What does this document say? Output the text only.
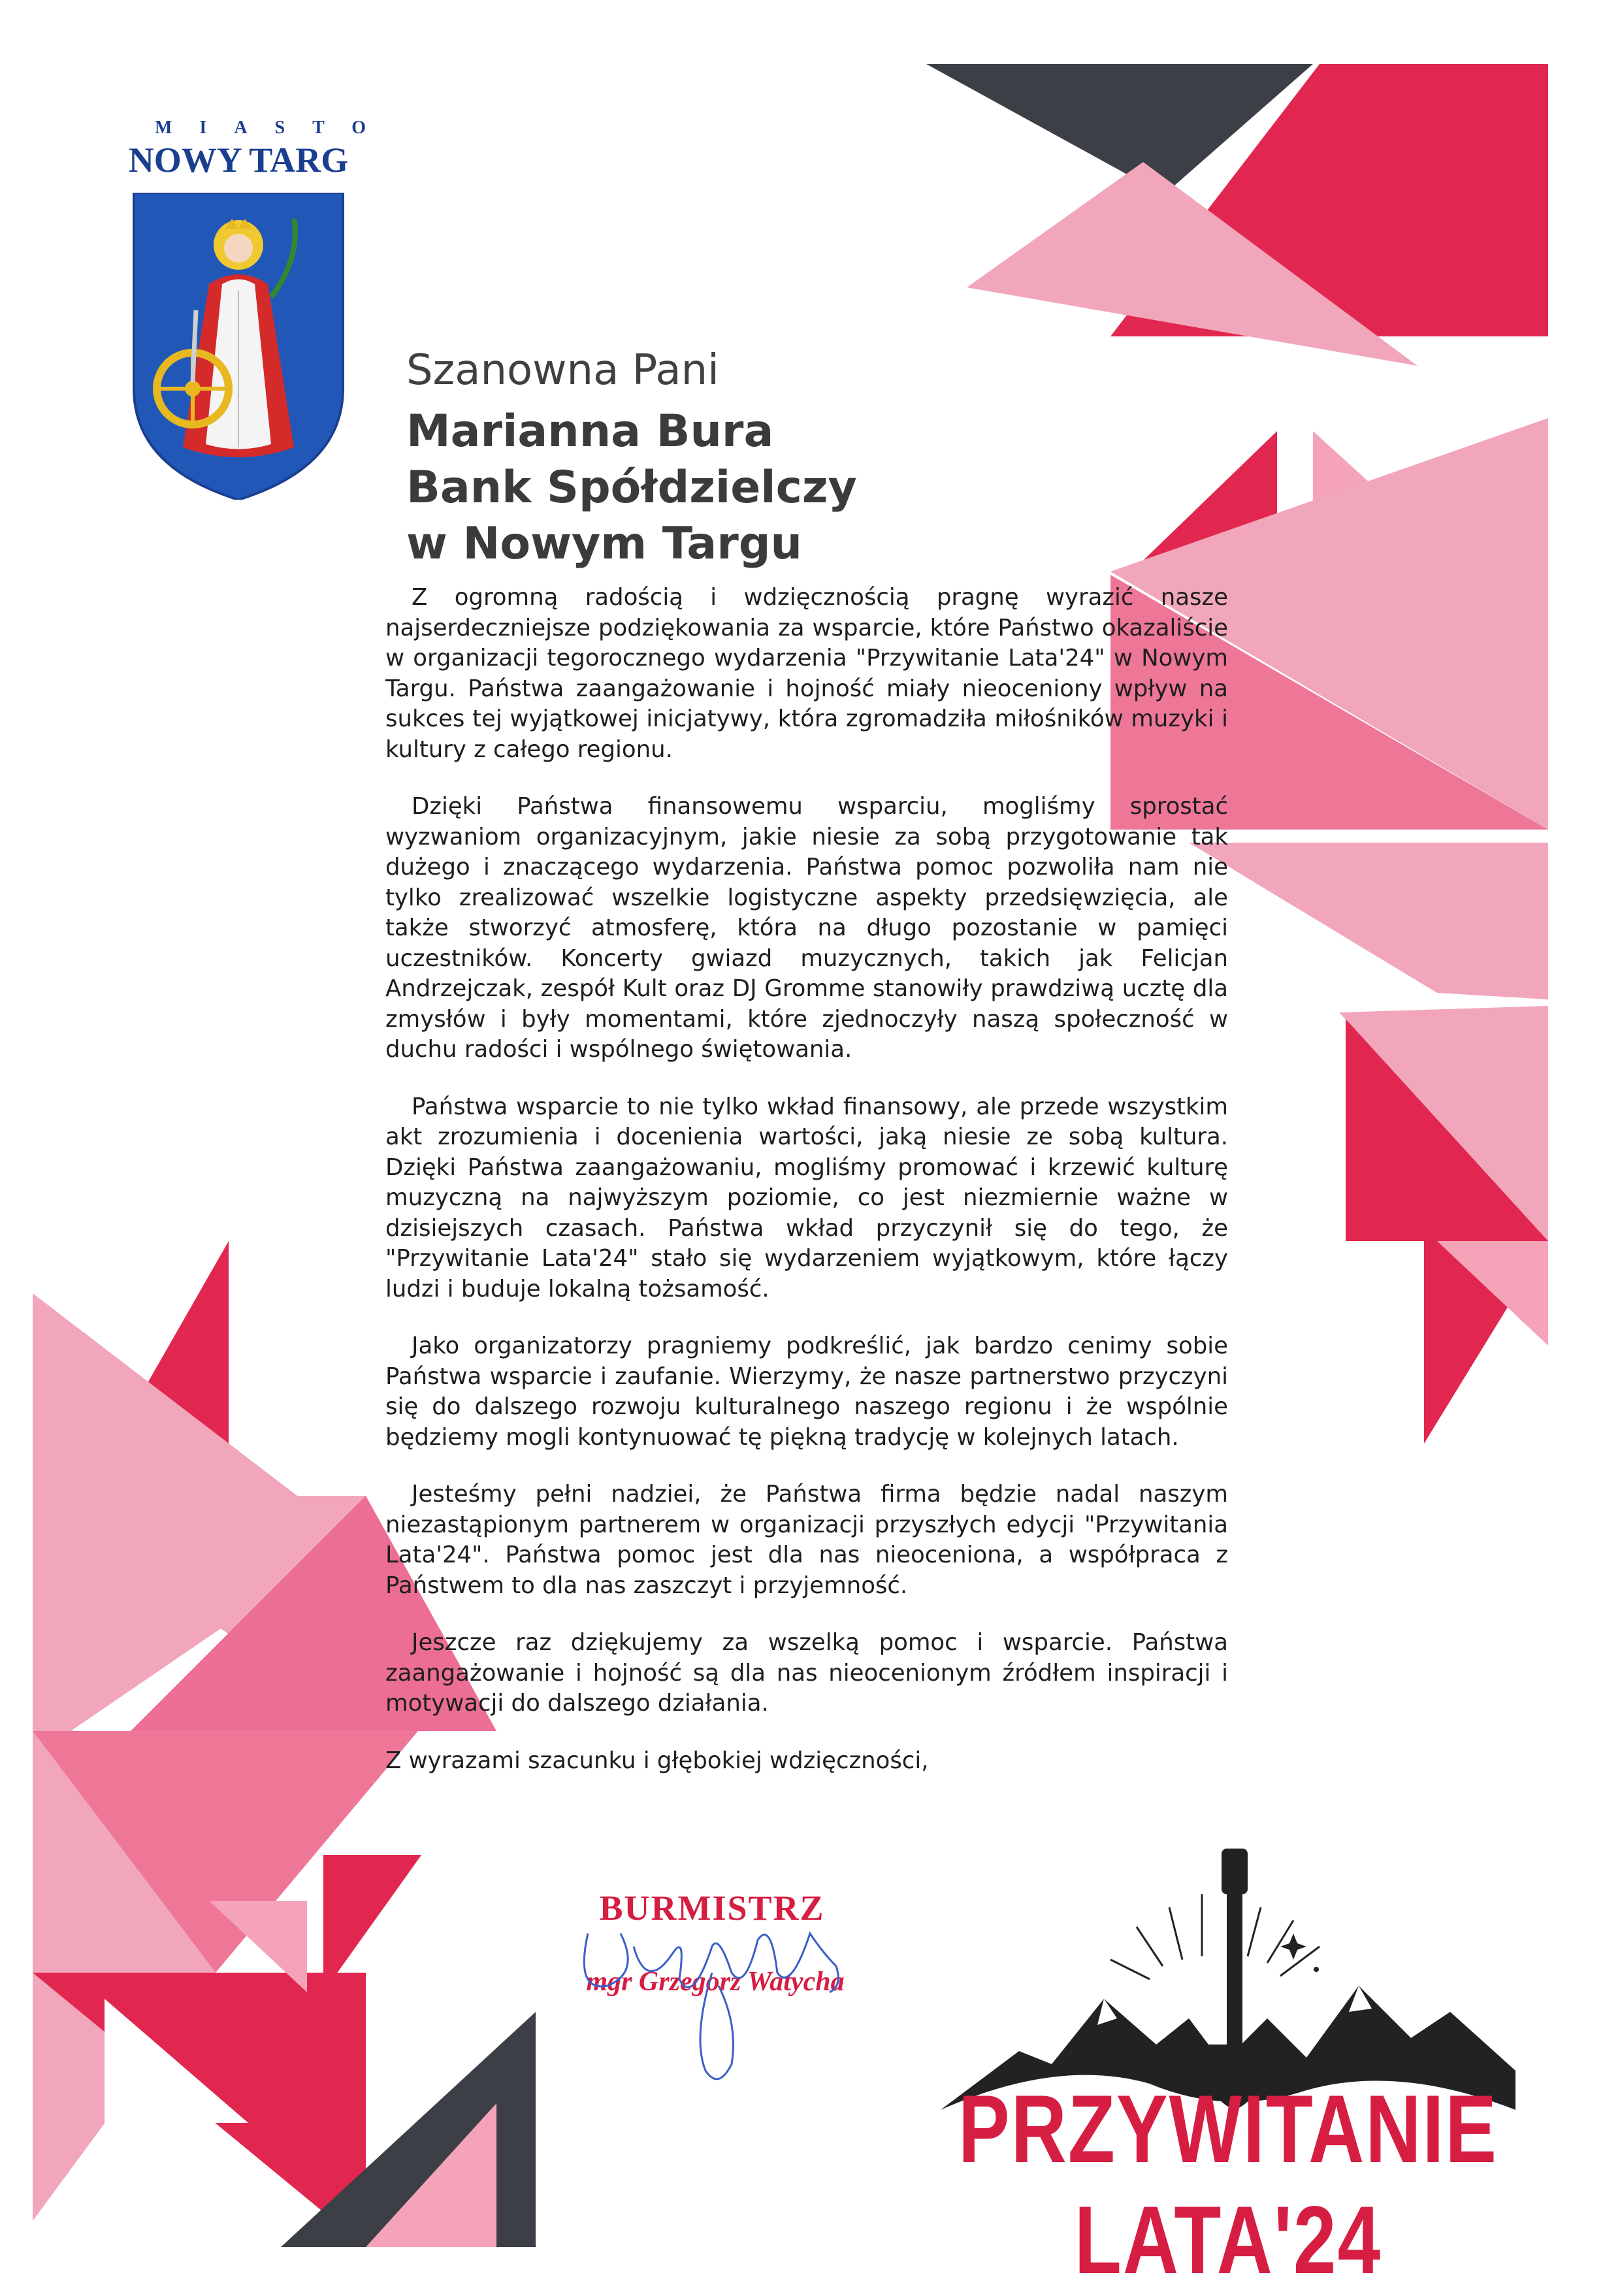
MIASTO
NOWY TARG
Szanowna Pani
Marianna Bura
Bank Spółdzielczy
w Nowym Targu

Z ogromną radością i wdzięcznością pragnę wyrazić nasze najserdeczniejsze podziękowania za wsparcie, które Państwo okazaliście w organizacji tegorocznego wydarzenia "Przywitanie Lata'24" w Nowym Targu. Państwa zaangażowanie i hojność miały nieoceniony wpływ na sukces tej wyjątkowej inicjatywy, która zgromadziła miłośników muzyki i kultury z całego regionu.

Dzięki Państwa finansowemu wsparciu, mogliśmy sprostać wyzwaniom organizacyjnym, jakie niesie za sobą przygotowanie tak dużego i znaczącego wydarzenia. Państwa pomoc pozwoliła nam nie tylko zrealizować wszelkie logistyczne aspekty przedsięwzięcia, ale także stworzyć atmosferę, która na długo pozostanie w pamięci uczestników. Koncerty gwiazd muzycznych, takich jak Felicjan Andrzejczak, zespół Kult oraz DJ Gromme stanowiły prawdziwą ucztę dla zmysłów i były momentami, które zjednoczyły naszą społeczność w duchu radości i wspólnego świętowania.

Państwa wsparcie to nie tylko wkład finansowy, ale przede wszystkim akt zrozumienia i docenienia wartości, jaką niesie ze sobą kultura. Dzięki Państwa zaangażowaniu, mogliśmy promować i krzewić kulturę muzyczną na najwyższym poziomie, co jest niezmiernie ważne w dzisiejszych czasach. Państwa wkład przyczynił się do tego, że "Przywitanie Lata'24" stało się wydarzeniem wyjątkowym, które łączy ludzi i buduje lokalną tożsamość.

Jako organizatorzy pragniemy podkreślić, jak bardzo cenimy sobie Państwa wsparcie i zaufanie. Wierzymy, że nasze partnerstwo przyczyni się do dalszego rozwoju kulturalnego naszego regionu i że wspólnie będziemy mogli kontynuować tę piękną tradycję w kolejnych latach.

Jesteśmy pełni nadziei, że Państwa firma będzie nadal naszym niezastąpionym partnerem w organizacji przyszłych edycji "Przywitania Lata'24". Państwa pomoc jest dla nas nieoceniona, a współpraca z Państwem to dla nas zaszczyt i przyjemność.

Jeszcze raz dziękujemy za wszelką pomoc i wsparcie. Państwa zaangażowanie i hojność są dla nas nieocenionym źródłem inspiracji i motywacji do dalszego działania.

Z wyrazami szacunku i głębokiej wdzięczności,

BURMISTRZ
mgr Grzegorz Watycha
PRZYWITANIE LATA'24
